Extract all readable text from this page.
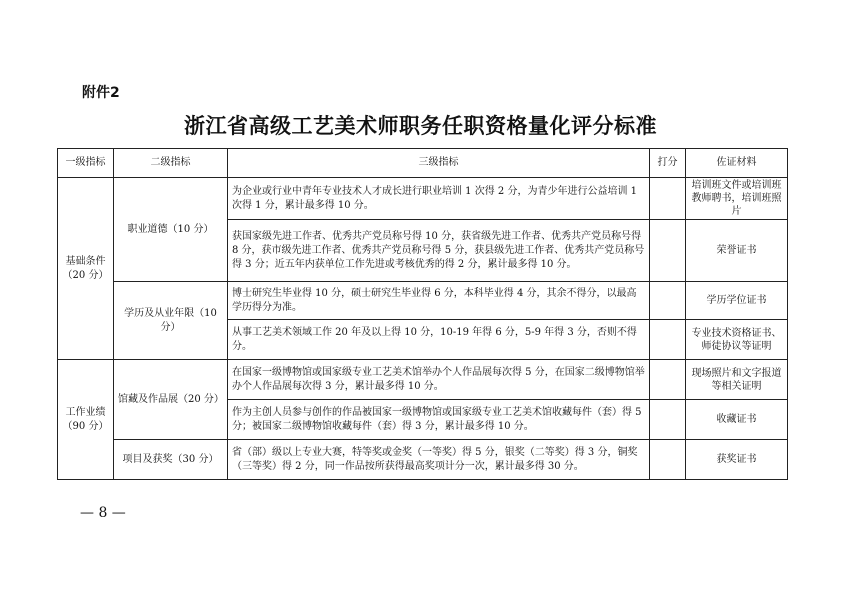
附件2
浙江省高级工艺美术师职务任职资格量化评分标准
一级指标	二级指标	三级指标	打分	佐证材料
基础条件（20 分）	职业道德（10 分）	为企业或行业中青年专业技术人才成长进行职业培训 1 次得 2 分，为青少年进行公益培训 1 次得 1 分，累计最多得 10 分。		培训班文件或培训班教师聘书，培训班照片
		获国家级先进工作者、优秀共产党员称号得 10 分，获省级先进工作者、优秀共产党员称号得 8 分，获市级先进工作者、优秀共产党员称号得 5 分，获县级先进工作者、优秀共产党员称号得 3 分；近五年内获单位工作先进或考核优秀的得 2 分，累计最多得 10 分。		荣誉证书
	学历及从业年限（10 分）	博士研究生毕业得 10 分，硕士研究生毕业得 6 分，本科毕业得 4 分，其余不得分，以最高学历得分为准。		学历学位证书
		从事工艺美术领域工作 20 年及以上得 10 分，10-19 年得 6 分，5-9 年得 3 分，否则不得分。		专业技术资格证书、师徒协议等证明
工作业绩（90 分）	馆藏及作品展（20 分）	在国家一级博物馆或国家级专业工艺美术馆举办个人作品展每次得 5 分，在国家二级博物馆举办个人作品展每次得 3 分，累计最多得 10 分。		现场照片和文字报道等相关证明
		作为主创人员参与创作的作品被国家一级博物馆或国家级专业工艺美术馆收藏每件（套）得 5 分；被国家二级博物馆收藏每件（套）得 3 分，累计最多得 10 分。		收藏证书
	项目及获奖（30 分）	省（部）级以上专业大赛，特等奖或金奖（一等奖）得 5 分，银奖（二等奖）得 3 分，铜奖（三等奖）得 2 分，同一作品按所获得最高奖项计分一次，累计最多得 30 分。		获奖证书
— 8 —
